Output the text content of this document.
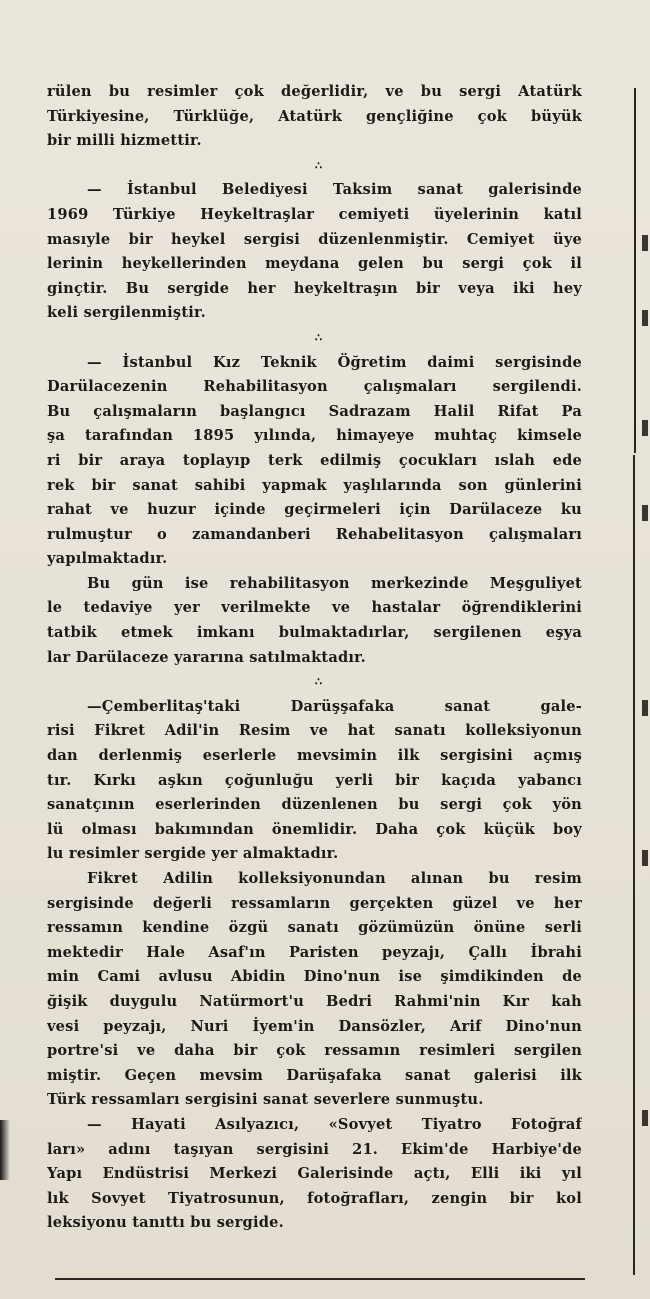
rülen bu resimler çok değerlidir, ve bu sergi Atatürk
Türkiyesine, Türklüğe, Atatürk gençliğine çok büyük
bir milli hizmettir.
∴
— İstanbul Belediyesi Taksim sanat galerisinde
1969 Türkiye Heykeltraşlar cemiyeti üyelerinin katıl
masıyle bir heykel sergisi düzenlenmiştir. Cemiyet üye
lerinin heykellerinden meydana gelen bu sergi çok il
ginçtir. Bu sergide her heykeltraşın bir veya iki hey
keli sergilenmiştir.
∴
— İstanbul Kız Teknik Öğretim daimi sergisinde
Darülacezenin Rehabilitasyon çalışmaları sergilendi.
Bu çalışmaların başlangıcı Sadrazam Halil Rifat Pa
şa tarafından 1895 yılında, himayeye muhtaç kimsele
ri bir araya toplayıp terk edilmiş çocukları ıslah ede
rek bir sanat sahibi yapmak yaşlılarında son günlerini
rahat ve huzur içinde geçirmeleri için Darülaceze ku
rulmuştur o zamandanberi Rehabelitasyon çalışmaları
yapılmaktadır.
Bu gün ise rehabilitasyon merkezinde Meşguliyet
le tedaviye yer verilmekte ve hastalar öğrendiklerini
tatbik etmek imkanı bulmaktadırlar, sergilenen eşya
lar Darülaceze yararına satılmaktadır.
∴
—Çemberlitaş'taki Darüşşafaka sanat gale-
risi Fikret Adil'in Resim ve hat sanatı kolleksiyonun
dan derlenmiş eserlerle mevsimin ilk sergisini açmış
tır. Kırkı aşkın çoğunluğu yerli bir kaçıda yabancı
sanatçının eserlerinden düzenlenen bu sergi çok yön
lü olması bakımından önemlidir. Daha çok küçük boy
lu resimler sergide yer almaktadır.
Fikret Adilin kolleksiyonundan alınan bu resim
sergisinde değerli ressamların gerçekten güzel ve her
ressamın kendine özgü sanatı gözümüzün önüne serli
mektedir Hale Asaf'ın Paristen peyzajı, Çallı İbrahi
min Cami avlusu Abidin Dino'nun ise şimdikinden de
ğişik duygulu Natürmort'u Bedri Rahmi'nin Kır kah
vesi peyzajı, Nuri İyem'in Dansözler, Arif Dino'nun
portre'si ve daha bir çok ressamın resimleri sergilen
miştir. Geçen mevsim Darüşafaka sanat galerisi ilk
Türk ressamları sergisini sanat severlere sunmuştu.
— Hayati Asılyazıcı, «Sovyet Tiyatro Fotoğraf
ları» adını taşıyan sergisini 21. Ekim'de Harbiye'de
Yapı Endüstrisi Merkezi Galerisinde açtı, Elli iki yıl
lık Sovyet Tiyatrosunun, fotoğrafları, zengin bir kol
leksiyonu tanıttı bu sergide.
